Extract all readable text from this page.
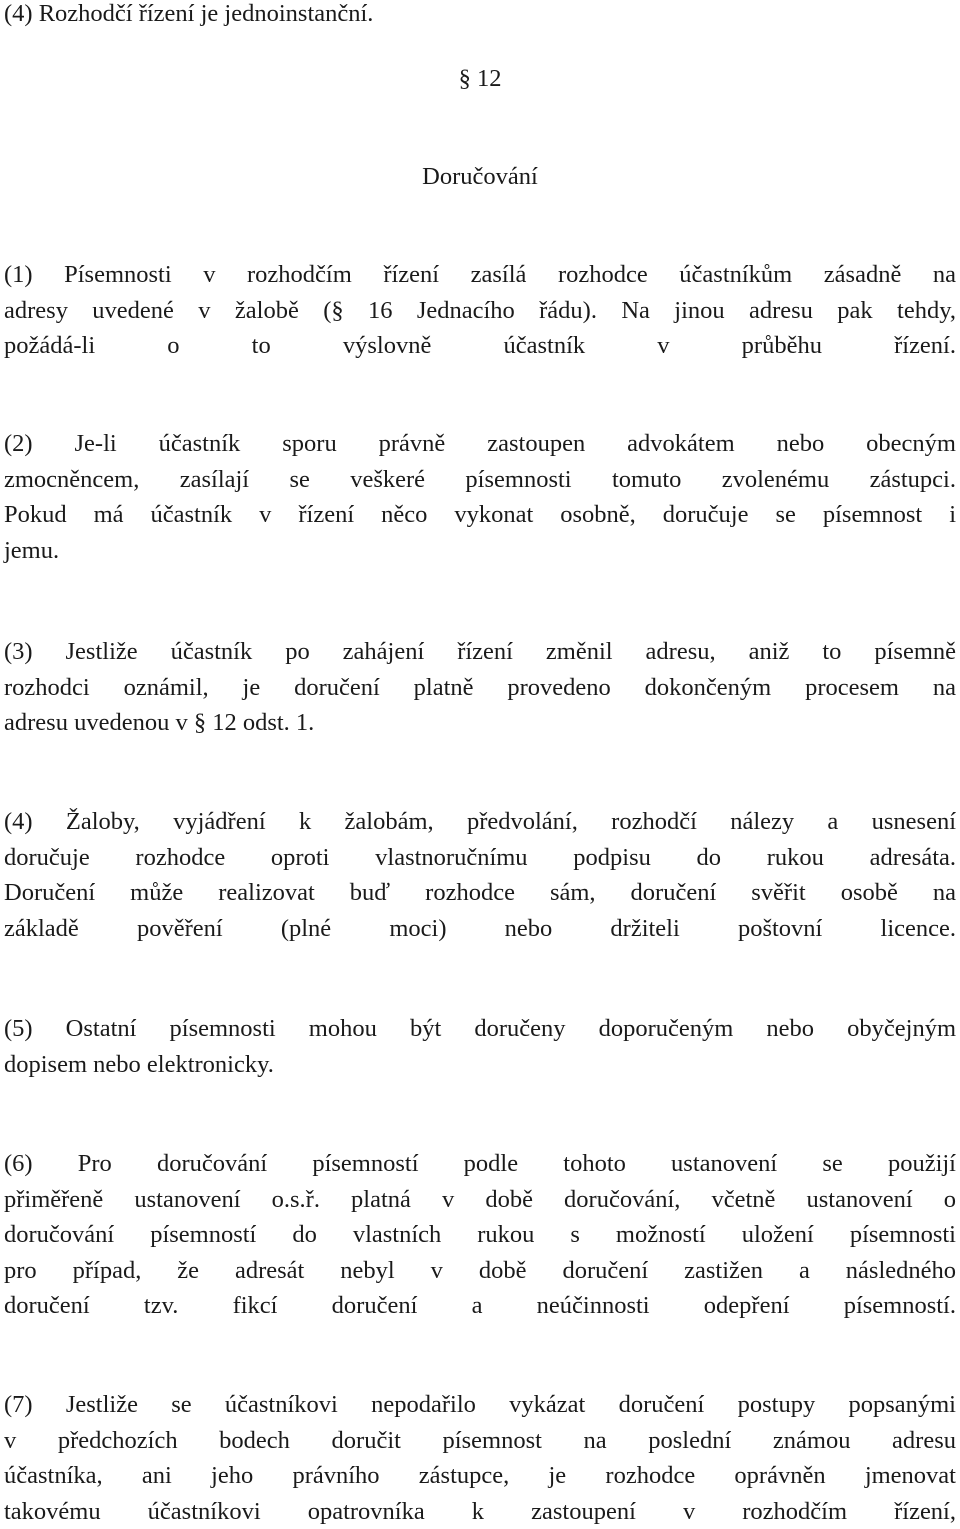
(4) Rozhodčí řízení je jednoinstanční.

§ 12

Doručování

(1) Písemnosti v rozhodčím řízení zasílá rozhodce účastníkům zásadně na

adresy uvedené v žalobě (§ 16 Jednacího řádu). Na jinou adresu pak tehdy,

požádá-li o to výslovně účastník v průběhu řízení.

(2) Je-li účastník sporu právně zastoupen advokátem nebo obecným

zmocněncem, zasílají se veškeré písemnosti tomuto zvolenému zástupci.

Pokud má účastník v řízení něco vykonat osobně, doručuje se písemnost i

jemu.

(3) Jestliže účastník po zahájení řízení změnil adresu, aniž to písemně

rozhodci oznámil, je doručení platně provedeno dokončeným procesem na

adresu uvedenou v § 12 odst. 1.

(4) Žaloby, vyjádření k žalobám, předvolání, rozhodčí nálezy a usnesení

doručuje rozhodce oproti vlastnoručnímu podpisu do rukou adresáta.

Doručení může realizovat buď rozhodce sám, doručení svěřit osobě na

základě pověření (plné moci) nebo držiteli poštovní licence.

(5) Ostatní písemnosti mohou být doručeny doporučeným nebo obyčejným

dopisem nebo elektronicky.

(6) Pro doručování písemností podle tohoto ustanovení se použijí

přiměřeně ustanovení o.s.ř. platná v době doručování, včetně ustanovení o

doručování písemností do vlastních rukou s možností uložení písemnosti

pro případ, že adresát nebyl v době doručení zastižen a následného

doručení tzv. fikcí doručení a neúčinnosti odepření písemností.

(7) Jestliže se účastníkovi nepodařilo vykázat doručení postupy popsanými

v předchozích bodech doručit písemnost na poslední známou adresu

účastníka, ani jeho právního zástupce, je rozhodce oprávněn jmenovat

takovému účastníkovi opatrovníka k zastoupení v rozhodčím řízení,
